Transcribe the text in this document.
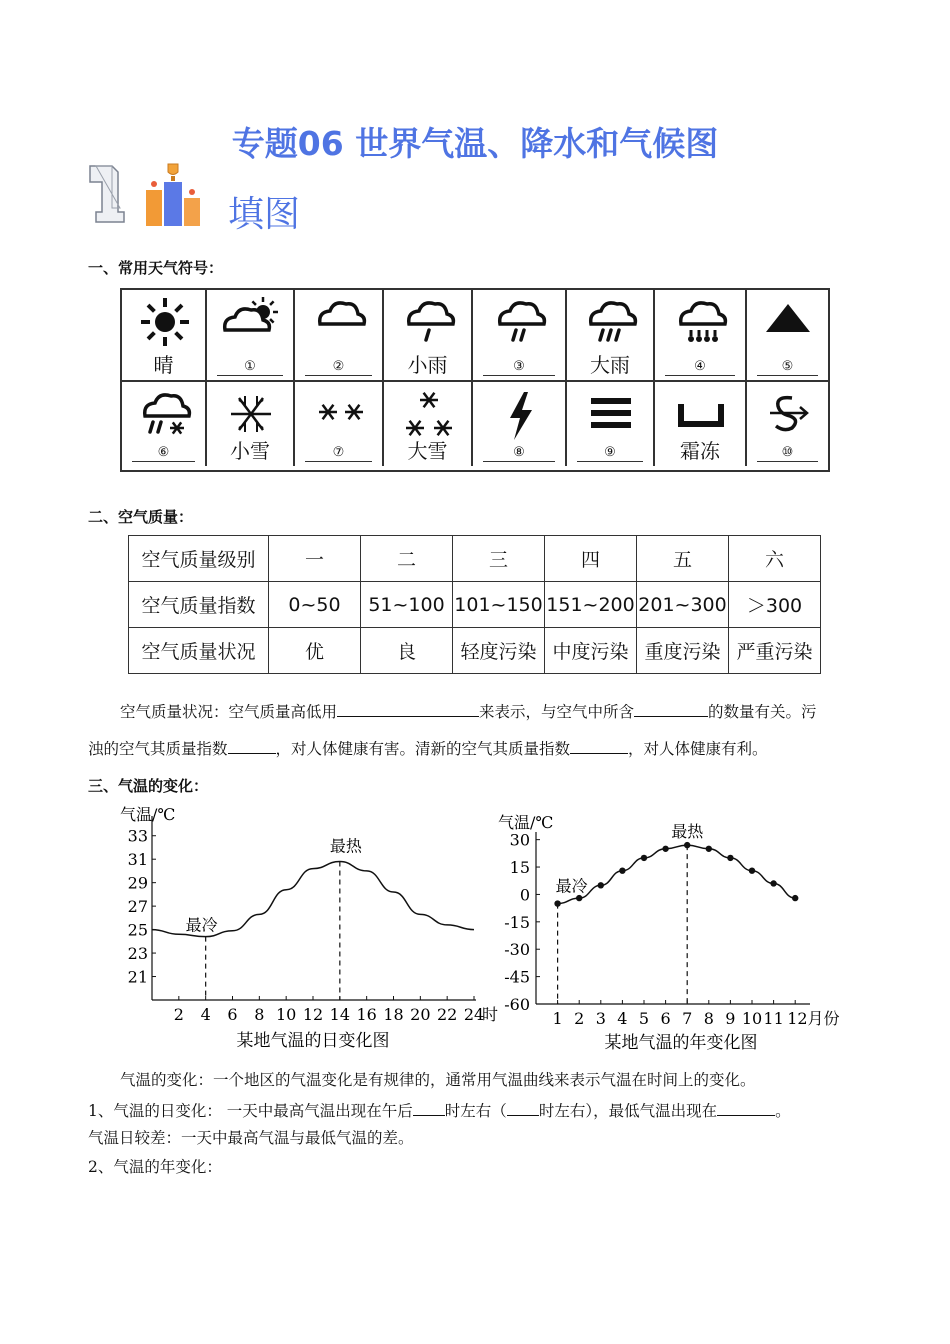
专题06 世界气温、降水和气候图
填图
一、常用天气符号：
晴	①	②	小雨	③	大雨	④	⑤
⑥	小雪	⑦	大雪	⑧	⑨	霜冻	⑩
二、空气质量：
空气质量级别	一	二	三	四	五	六
空气质量指数	0~50	51~100	101~150	151~200	201~300	＞300
空气质量状况	优	良	轻度污染	中度污染	重度污染	严重污染
空气质量状况：空气质量高低用	来表示，与空气中所含	的数量有关。污
浊的空气其质量指数	，对人体健康有害。清新的空气其质量指数	，对人体健康有利。
三、气温的变化：
气温/℃
21
23
25
27
29
31
33
2 4 6 8 10 12 14 16 18 20 22 24
时
最冷
最热
某地气温的日变化图
气温/℃
30
15
0
-15
-30
-45
-60
1 2 3 4 5 6 7 8 9 10 11 12月份
最冷
最热
某地气温的年变化图
气温的变化：一个地区的气温变化是有规律的，通常用气温曲线来表示气温在时间上的变化。
1、气温的日变化： 一天中最高气温出现在午后 时左右（ 时左右），最低气温出现在	。
气温日较差：一天中最高气温与最低气温的差。
2、气温的年变化：
